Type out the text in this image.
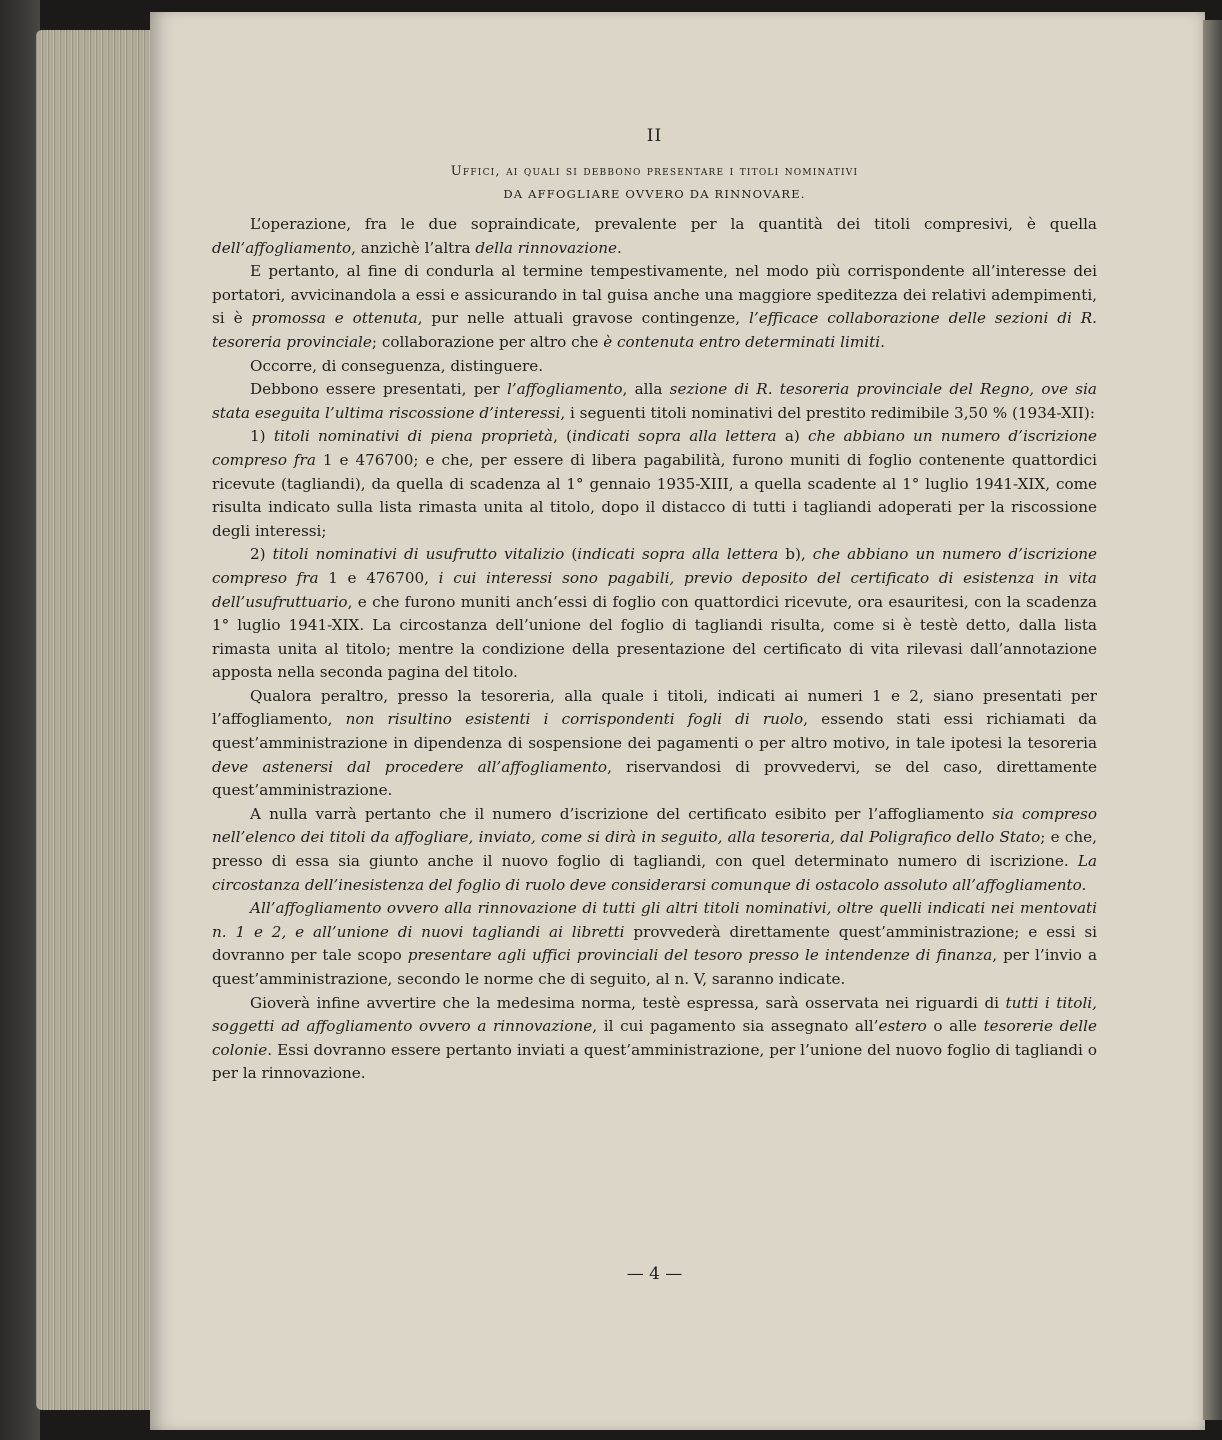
II
Uffici, ai quali si debbono presentare i titoli nominativi
DA AFFOGLIARE OVVERO DA RINNOVARE.

L’operazione, fra le due sopraindicate, prevalente per la quantità dei titoli compresivi, è quella dell’affogliamento, anzichè l’altra della rinnovazione.

E pertanto, al fine di condurla al termine tempestivamente, nel modo più corrispondente all’interesse dei portatori, avvicinandola a essi e assicurando in tal guisa anche una maggiore speditezza dei relativi adempimenti, si è promossa e ottenuta, pur nelle attuali gravose contingenze, l’efficace collaborazione delle sezioni di R. tesoreria provinciale; collaborazione per altro che è contenuta entro determinati limiti.

Occorre, di conseguenza, distinguere.

Debbono essere presentati, per l’affogliamento, alla sezione di R. tesoreria provinciale del Regno, ove sia stata eseguita l’ultima riscossione d’interessi, i seguenti titoli nominativi del prestito redimibile 3,50 % (1934-XII):

1) titoli nominativi di piena proprietà, (indicati sopra alla lettera a) che abbiano un numero d’iscrizione compreso fra 1 e 476700; e che, per essere di libera pagabilità, furono muniti di foglio contenente quattordici ricevute (tagliandi), da quella di scadenza al 1° gennaio 1935-XIII, a quella scadente al 1° luglio 1941-XIX, come risulta indicato sulla lista rimasta unita al titolo, dopo il distacco di tutti i tagliandi adoperati per la riscossione degli interessi;

2) titoli nominativi di usufrutto vitalizio (indicati sopra alla lettera b), che abbiano un numero d’iscrizione compreso fra 1 e 476700, i cui interessi sono pagabili, previo deposito del certificato di esistenza in vita dell’usufruttuario, e che furono muniti anch’essi di foglio con quattordici ricevute, ora esauritesi, con la scadenza 1° luglio 1941-XIX. La circostanza dell’unione del foglio di tagliandi risulta, come si è testè detto, dalla lista rimasta unita al titolo; mentre la condizione della presentazione del certificato di vita rilevasi dall’annotazione apposta nella seconda pagina del titolo.

Qualora peraltro, presso la tesoreria, alla quale i titoli, indicati ai numeri 1 e 2, siano presentati per l’affogliamento, non risultino esistenti i corrispondenti fogli di ruolo, essendo stati essi richiamati da quest’amministrazione in dipendenza di sospensione dei pagamenti o per altro motivo, in tale ipotesi la tesoreria deve astenersi dal procedere all’affogliamento, riservandosi di provvedervi, se del caso, direttamente quest’amministrazione.

A nulla varrà pertanto che il numero d’iscrizione del certificato esibito per l’affogliamento sia compreso nell’elenco dei titoli da affogliare, inviato, come si dirà in seguito, alla tesoreria, dal Poligrafico dello Stato; e che, presso di essa sia giunto anche il nuovo foglio di tagliandi, con quel determinato numero di iscrizione. La circostanza dell’inesistenza del foglio di ruolo deve considerarsi comunque di ostacolo assoluto all’affogliamento.

All’affogliamento ovvero alla rinnovazione di tutti gli altri titoli nominativi, oltre quelli indicati nei mentovati n. 1 e 2, e all’unione di nuovi tagliandi ai libretti provvederà direttamente quest’amministrazione; e essi si dovranno per tale scopo presentare agli uffici provinciali del tesoro presso le intendenze di finanza, per l’invio a quest’amministrazione, secondo le norme che di seguito, al n. V, saranno indicate.

Gioverà infine avvertire che la medesima norma, testè espressa, sarà osservata nei riguardi di tutti i titoli, soggetti ad affogliamento ovvero a rinnovazione, il cui pagamento sia assegnato all’estero o alle tesorerie delle colonie. Essi dovranno essere pertanto inviati a quest’amministrazione, per l’unione del nuovo foglio di tagliandi o per la rinnovazione.

— 4 —
